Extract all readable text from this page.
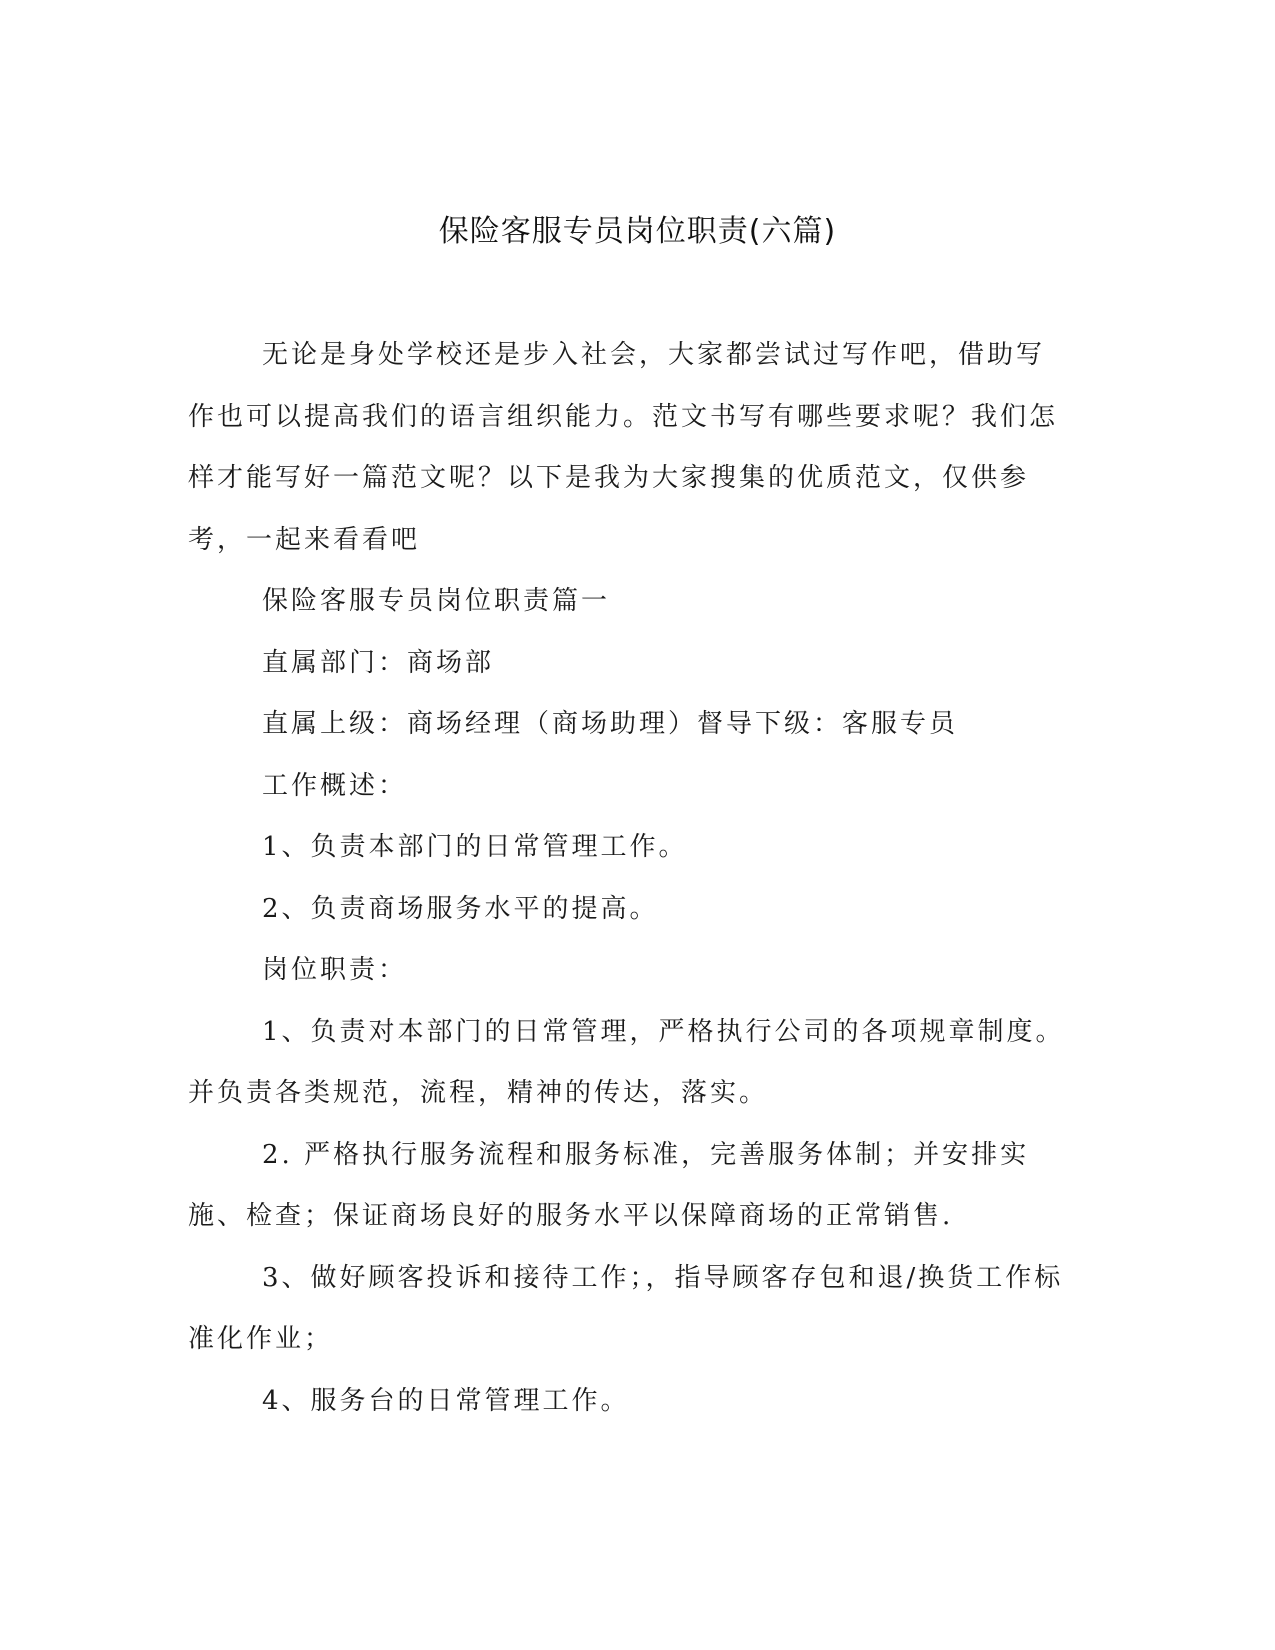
保险客服专员岗位职责(六篇)

无论是身处学校还是步入社会，大家都尝试过写作吧，借助写作也可以提高我们的语言组织能力。范文书写有哪些要求呢？我们怎样才能写好一篇范文呢？以下是我为大家搜集的优质范文，仅供参考，一起来看看吧

保险客服专员岗位职责篇一

直属部门：商场部

直属上级：商场经理（商场助理）督导下级：客服专员

工作概述：

1、负责本部门的日常管理工作。

2、负责商场服务水平的提高。

岗位职责：

1、负责对本部门的日常管理，严格执行公司的各项规章制度。并负责各类规范，流程，精神的传达，落实。

2. 严格执行服务流程和服务标准，完善服务体制；并安排实施、检查；保证商场良好的服务水平以保障商场的正常销售.

3、做好顾客投诉和接待工作；，指导顾客存包和退/换货工作标准化作业；

4、服务台的日常管理工作。
